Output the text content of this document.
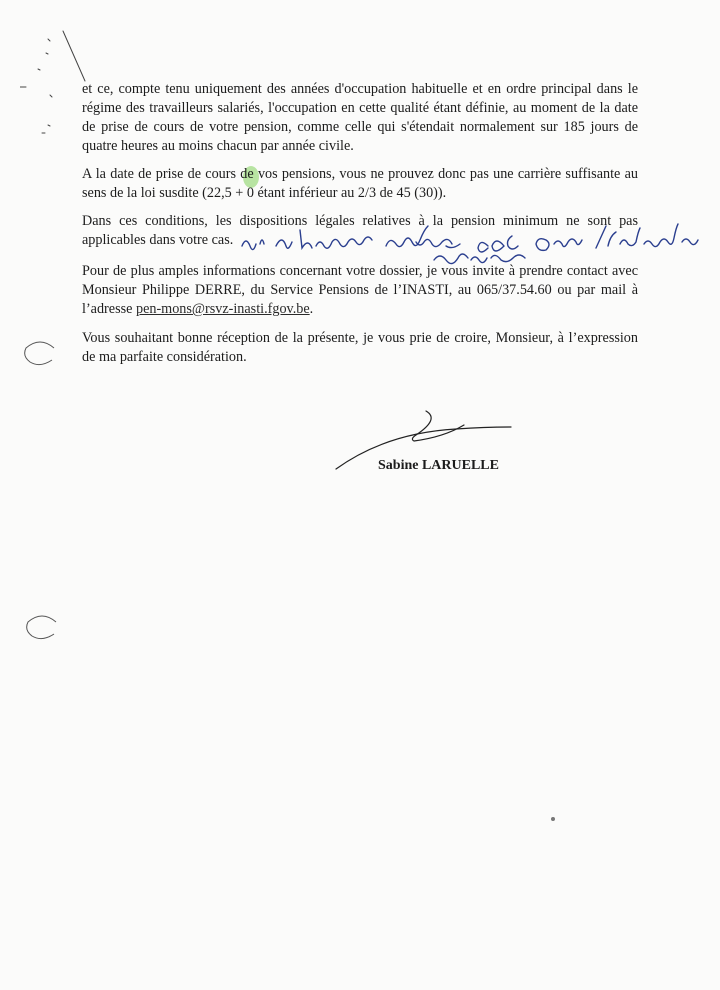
et ce, compte tenu uniquement des années d'occupation habituelle et en ordre principal dans le régime des travailleurs salariés, l'occupation en cette qualité étant définie, au moment de la date de prise de cours de votre pension, comme celle qui s'étendait normalement sur 185 jours de quatre heures au moins chacun par année civile.

A la date de prise de cours de vos pensions, vous ne prouvez donc pas une carrière suffisante au sens de la loi susdite (22,5 + 0 étant inférieur au 2/3 de 45 (30)).

Dans ces conditions, les dispositions légales relatives à la pension minimum ne sont pas applicables dans votre cas.

Pour de plus amples informations concernant votre dossier, je vous invite à prendre contact avec Monsieur Philippe DERRE, du Service Pensions de l’INASTI, au 065/37.54.60 ou par mail à l’adresse pen-mons@rsvz-inasti.fgov.be.

Vous souhaitant bonne réception de la présente, je vous prie de croire, Monsieur, à l’expression de ma parfaite considération.

Sabine LARUELLE
